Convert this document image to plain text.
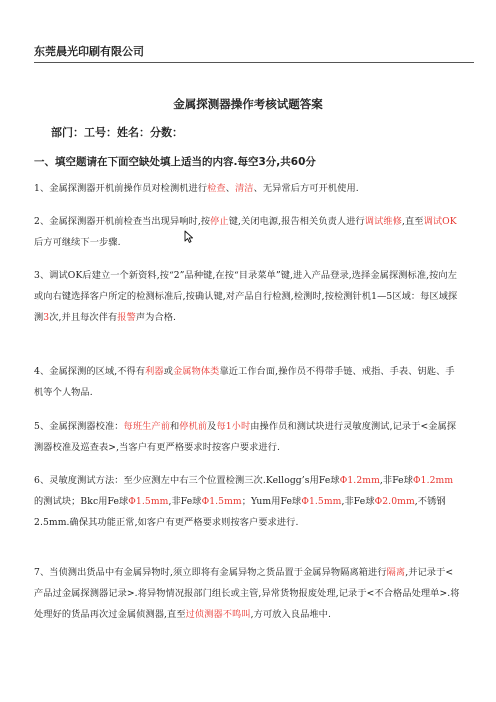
东莞晨光印刷有限公司
金属探测器操作考核试题答案
部门：工号：姓名：分数：
一、填空题请在下面空缺处填上适当的内容.每空3分,共60分
1、金属探测器开机前操作员对检测机进行检查、清洁、无异常后方可开机使用.
2、金属探测器开机前检查当出现异响时,按停止键,关闭电源,报告相关负责人进行调试维修,直至调试OK后方可继续下一步骤.
3、调试OK后建立一个新资料,按“2”品种键,在按“目录菜单”键,进入产品登录,选择金属探测标准,按向左或向右键选择客户所定的检测标准后,按确认键,对产品自行检测,检测时,按检测针机1—5区域：每区域探测3次,并且每次伴有报警声为合格.
4、金属探测的区域,不得有利器或金属物体类靠近工作台面,操作员不得带手链、戒指、手表、钥匙、手机等个人物品.
5、金属探测器校准：每班生产前和停机前及每1小时由操作员和测试块进行灵敏度测试,记录于<金属探测器校准及巡查表>,当客户有更严格要求时按客户要求进行.
6、灵敏度测试方法：至少应测左中右三个位置检测三次.Kellogg’s用Fe球Φ1.2mm,非Fe球Φ1.2mm的测试块；Bkc用Fe球Φ1.5mm,非Fe球Φ1.5mm；Yum用Fe球Φ1.5mm,非Fe球Φ2.0mm,不锈钢2.5mm.确保其功能正常,如客户有更严格要求则按客户要求进行.
7、当侦测出货品中有金属异物时,须立即将有金属异物之货品置于金属异物隔离箱进行隔离,并记录于<产品过金属探测器记录>.将异物情况报部门组长或主管,异常货物报废处理,记录于<不合格品处理单>.将处理好的货品再次过金属侦测器,直至过侦测器不鸣叫,方可放入良品堆中.
